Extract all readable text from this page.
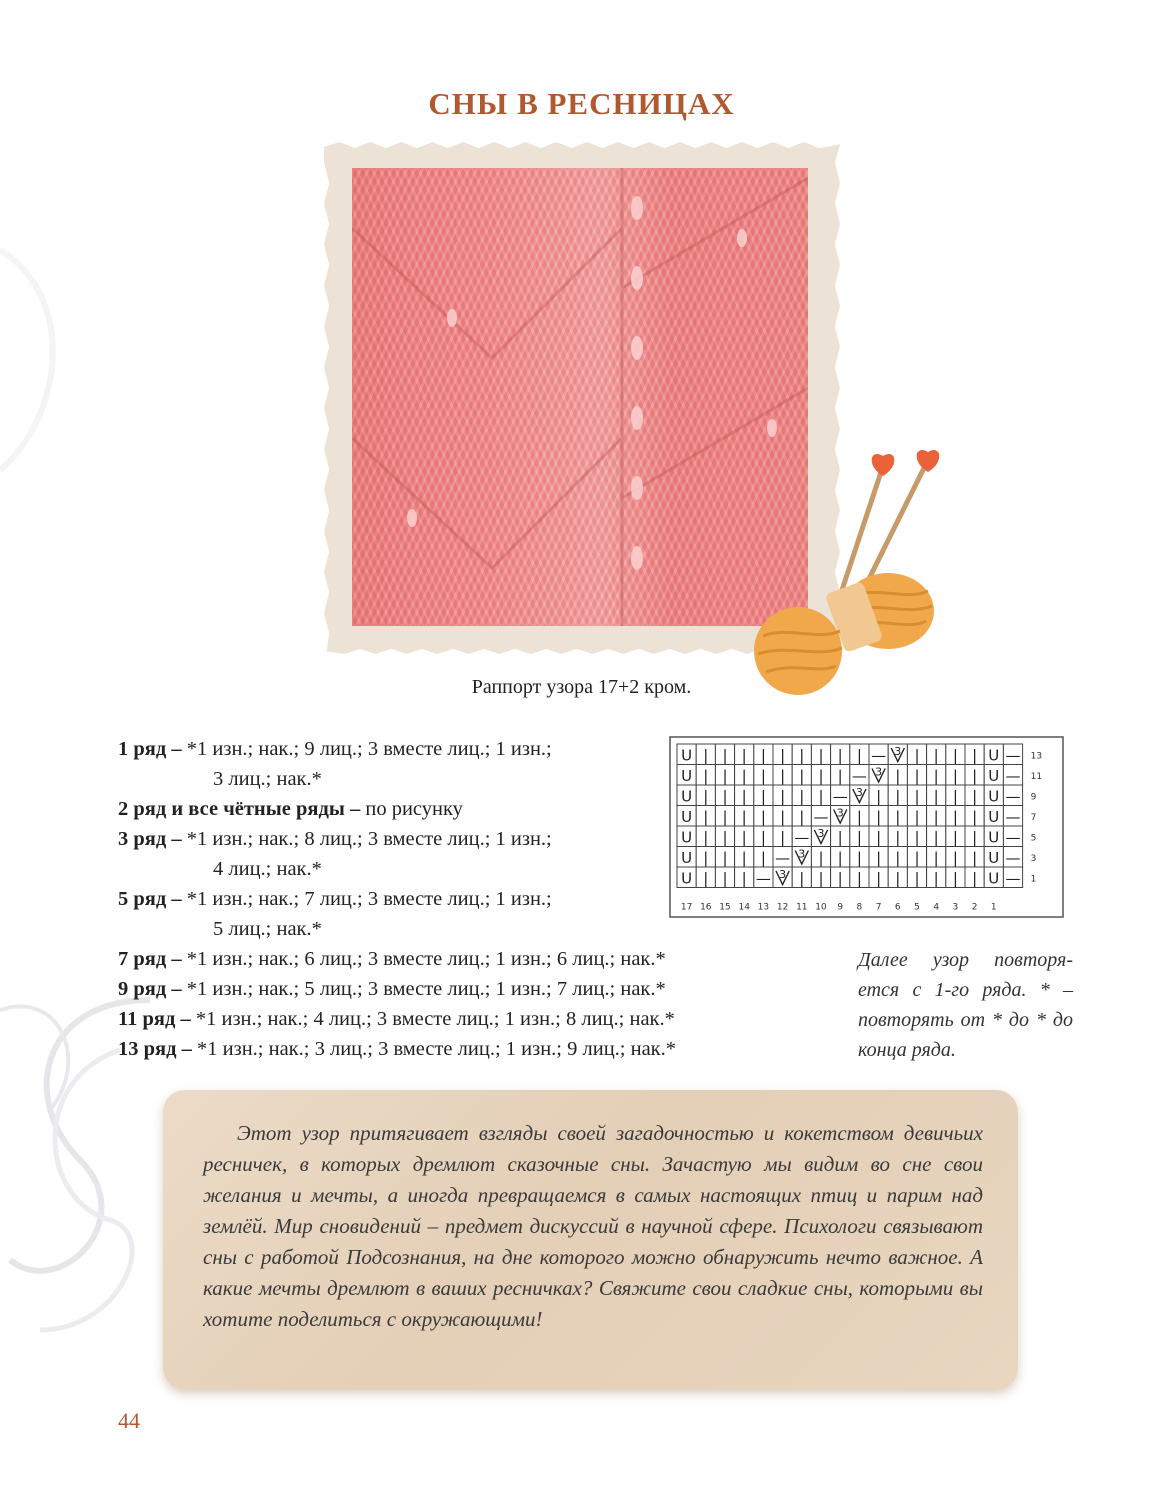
СНЫ В РЕСНИЦАХ
Раппорт узора 17+2 кром.
1 ряд – *1 изн.; нак.; 9 лиц.; 3 вместе лиц.; 1 изн.;
3 лиц.; нак.*
2 ряд и все чётные ряды – по рисунку
3 ряд – *1 изн.; нак.; 8 лиц.; 3 вместе лиц.; 1 изн.;
4 лиц.; нак.*
5 ряд – *1 изн.; нак.; 7 лиц.; 3 вместе лиц.; 1 изн.;
5 лиц.; нак.*
7 ряд – *1 изн.; нак.; 6 лиц.; 3 вместе лиц.; 1 изн.; 6 лиц.; нак.*
9 ряд – *1 изн.; нак.; 5 лиц.; 3 вместе лиц.; 1 изн.; 7 лиц.; нак.*
11 ряд – *1 изн.; нак.; 4 лиц.; 3 вместе лиц.; 1 изн.; 8 лиц.; нак.*
13 ряд – *1 изн.; нак.; 3 лиц.; 3 вместе лиц.; 1 изн.; 9 лиц.; нак.*
U | | | | | | | | | — 3 | | | | U — 13
U | | | | | | | | — 3 | | | | | U — 11
U | | | | | | | — 3 | | | | | | U — 9
U | | | | | | — 3 | | | | | | | U — 7
U | | | | | — 3 | | | | | | | | U — 5
U | | | | — 3 | | | | | | | | | U — 3
U | | | — 3 | | | | | | | | | | U — 1
17 16 15 14 13 12 11 10 9 8 7 6 5 4 3 2 1
Далее узор повторя-ется с 1-го ряда. * – повторять от * до * до конца ряда.

Этот узор притягивает взгляды своей загадочностью и кокетством девичьих ресничек, в которых дремлют сказочные сны. Зачастую мы видим во сне свои желания и мечты, а иногда превращаемся в самых настоящих птиц и парим над землёй. Мир сновидений – предмет дискуссий в научной сфере. Психологи связывают сны с работой Подсознания, на дне которого можно обнаружить нечто важное. А какие мечты дремлют в ваших ресничках? Свяжите свои сладкие сны, которыми вы хотите поделиться с окружающими!

44
